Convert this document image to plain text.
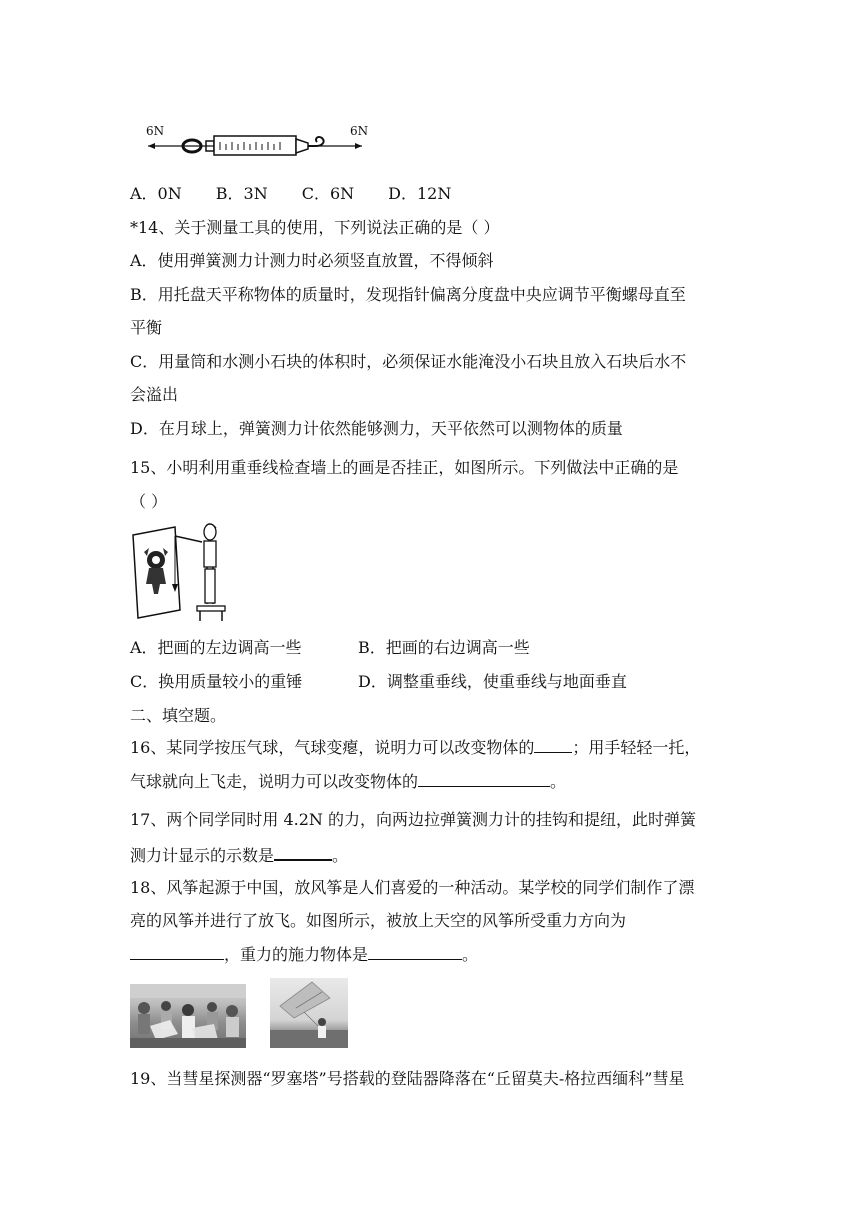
6N	6N
A．0N B．3N C．6N D．12N
*14、关于测量工具的使用，下列说法正确的是（ ）
A．使用弹簧测力计测力时必须竖直放置，不得倾斜
B．用托盘天平称物体的质量时，发现指针偏离分度盘中央应调节平衡螺母直至
平衡
C．用量筒和水测小石块的体积时，必须保证水能淹没小石块且放入石块后水不
会溢出
D．在月球上，弹簧测力计依然能够测力，天平依然可以测物体的质量
15、小明利用重垂线检查墙上的画是否挂正，如图所示。下列做法中正确的是
（ ）
A．把画的左边调高一些	B．把画的右边调高一些
C．换用质量较小的重锤	D．调整重垂线，使重垂线与地面垂直
二、填空题。
16、某同学按压气球，气球变瘪，说明力可以改变物体的 ；用手轻轻一托，
气球就向上飞走，说明力可以改变物体的	。
17、两个同学同时用 4.2N 的力，向两边拉弹簧测力计的挂钩和提纽，此时弹簧
测力计显示的示数是	。
18、风筝起源于中国，放风筝是人们喜爱的一种活动。某学校的同学们制作了漂
亮的风筝并进行了放飞。如图所示，被放上天空的风筝所受重力方向为
，重力的施力物体是	。
19、当彗星探测器“罗塞塔”号搭载的登陆器降落在“丘留莫夫-格拉西缅科”彗星
